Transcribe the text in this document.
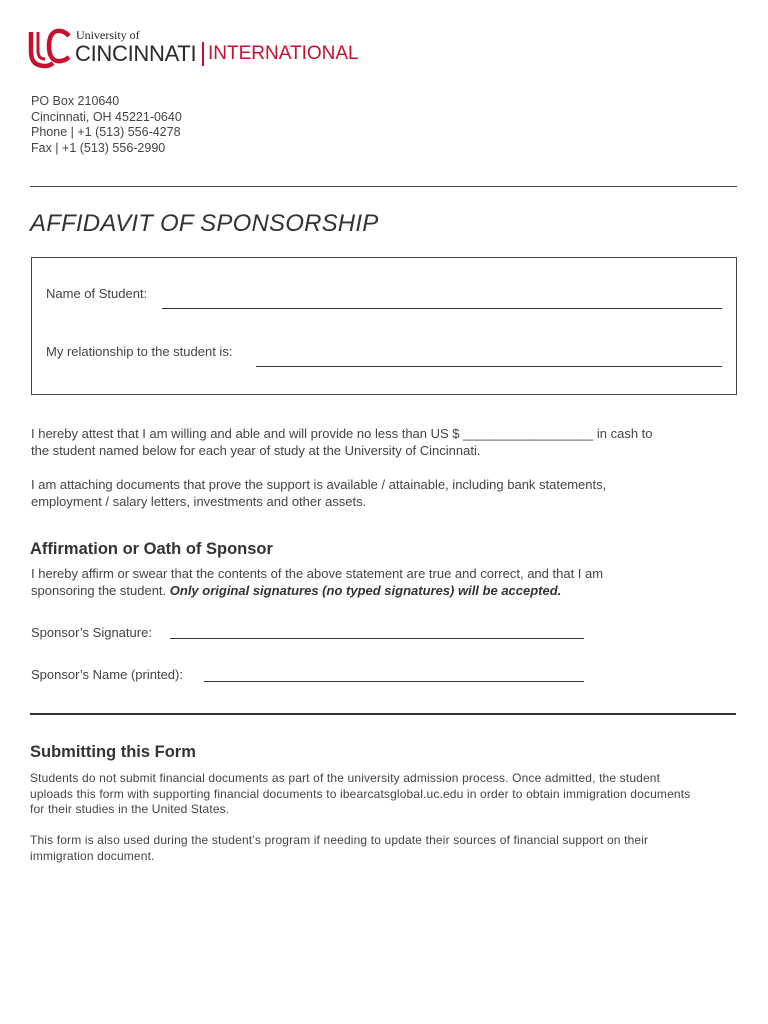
University of
CINCINNATI INTERNATIONAL
PO Box 210640
Cincinnati, OH 45221-0640
Phone | +1 (513) 556-4278
Fax | +1 (513) 556-2990
AFFIDAVIT OF SPONSORSHIP
Name of Student:
My relationship to the student is:
I hereby attest that I am willing and able and will provide no less than US $ __________________ in cash to
the student named below for each year of study at the University of Cincinnati.
I am attaching documents that prove the support is available / attainable, including bank statements,
employment / salary letters, investments and other assets.
Affirmation or Oath of Sponsor
I hereby affirm or swear that the contents of the above statement are true and correct, and that I am
sponsoring the student. Only original signatures (no typed signatures) will be accepted.
Sponsor’s Signature:
Sponsor’s Name (printed):
Submitting this Form
Students do not submit financial documents as part of the university admission process. Once admitted, the student
uploads this form with supporting financial documents to ibearcatsglobal.uc.edu in order to obtain immigration documents
for their studies in the United States.
This form is also used during the student’s program if needing to update their sources of financial support on their
immigration document.
